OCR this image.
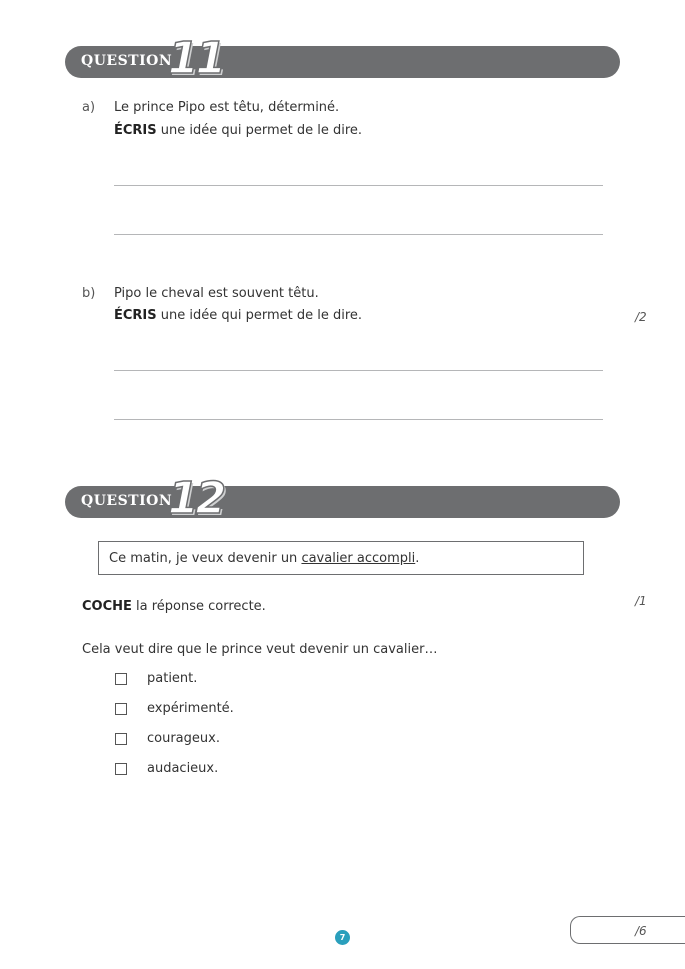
QUESTION
11
a) Le prince Pipo est têtu, déterminé.
ÉCRIS une idée qui permet de le dire.
b) Pipo le cheval est souvent têtu.
ÉCRIS une idée qui permet de le dire.	/2
QUESTION
12
Ce matin, je veux devenir un cavalier accompli.
COCHE la réponse correcte.	/1
Cela veut dire que le prince veut devenir un cavalier…
patient.
expérimenté.
courageux.
audacieux.
7	/6
